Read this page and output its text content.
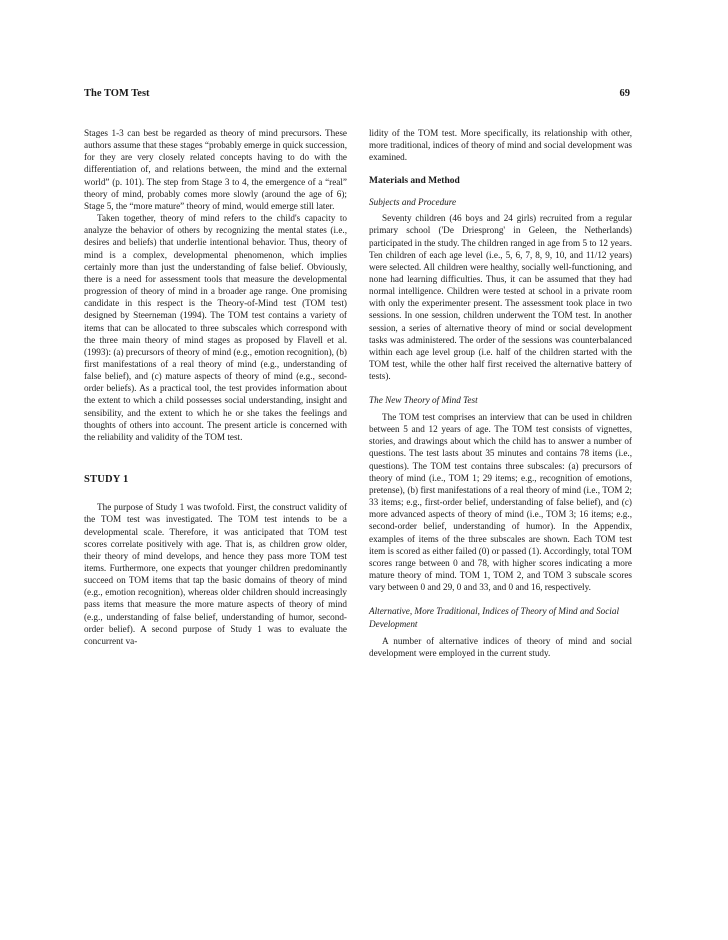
The TOM Test	69

Stages 1-3 can best be regarded as theory of mind precursors. These authors assume that these stages “probably emerge in quick succession, for they are very closely related concepts having to do with the differentiation of, and relations between, the mind and the external world” (p. 101). The step from Stage 3 to 4, the emergence of a “real” theory of mind, probably comes more slowly (around the age of 6); Stage 5, the “more mature” theory of mind, would emerge still later.

Taken together, theory of mind refers to the child's capacity to analyze the behavior of others by recognizing the mental states (i.e., desires and beliefs) that underlie intentional behavior. Thus, theory of mind is a complex, developmental phenomenon, which implies certainly more than just the understanding of false belief. Obviously, there is a need for assessment tools that measure the developmental progression of theory of mind in a broader age range. One promising candidate in this respect is the Theory-of-Mind test (TOM test) designed by Steerneman (1994). The TOM test contains a variety of items that can be allocated to three subscales which correspond with the three main theory of mind stages as proposed by Flavell et al. (1993): (a) precursors of theory of mind (e.g., emotion recognition), (b) first manifestations of a real theory of mind (e.g., understanding of false belief), and (c) mature aspects of theory of mind (e.g., second-order beliefs). As a practical tool, the test provides information about the extent to which a child possesses social understanding, insight and sensibility, and the extent to which he or she takes the feelings and thoughts of others into account. The present article is concerned with the reliability and validity of the TOM test.

STUDY 1

The purpose of Study 1 was twofold. First, the construct validity of the TOM test was investigated. The TOM test intends to be a developmental scale. Therefore, it was anticipated that TOM test scores correlate positively with age. That is, as children grow older, their theory of mind develops, and hence they pass more TOM test items. Furthermore, one expects that younger children predominantly succeed on TOM items that tap the basic domains of theory of mind (e.g., emotion recognition), whereas older children should increasingly pass items that measure the more mature aspects of theory of mind (e.g., understanding of false belief, understanding of humor, second-order belief). A second purpose of Study 1 was to evaluate the concurrent va-

lidity of the TOM test. More specifically, its relationship with other, more traditional, indices of theory of mind and social development was examined.

Materials and Method
Subjects and Procedure

Seventy children (46 boys and 24 girls) recruited from a regular primary school ('De Driesprong' in Geleen, the Netherlands) participated in the study. The children ranged in age from 5 to 12 years. Ten children of each age level (i.e., 5, 6, 7, 8, 9, 10, and 11/12 years) were selected. All children were healthy, socially well-functioning, and none had learning difficulties. Thus, it can be assumed that they had normal intelligence. Children were tested at school in a private room with only the experimenter present. The assessment took place in two sessions. In one session, children underwent the TOM test. In another session, a series of alternative theory of mind or social development tasks was administered. The order of the sessions was counterbalanced within each age level group (i.e. half of the children started with the TOM test, while the other half first received the alternative battery of tests).

The New Theory of Mind Test

The TOM test comprises an interview that can be used in children between 5 and 12 years of age. The TOM test consists of vignettes, stories, and drawings about which the child has to answer a number of questions. The test lasts about 35 minutes and contains 78 items (i.e., questions). The TOM test contains three subscales: (a) precursors of theory of mind (i.e., TOM 1; 29 items; e.g., recognition of emotions, pretense), (b) first manifestations of a real theory of mind (i.e., TOM 2; 33 items; e.g., first-order belief, understanding of false belief), and (c) more advanced aspects of theory of mind (i.e., TOM 3; 16 items; e.g., second-order belief, understanding of humor). In the Appendix, examples of items of the three subscales are shown. Each TOM test item is scored as either failed (0) or passed (1). Accordingly, total TOM scores range between 0 and 78, with higher scores indicating a more mature theory of mind. TOM 1, TOM 2, and TOM 3 subscale scores vary between 0 and 29, 0 and 33, and 0 and 16, respectively.

Alternative, More Traditional, Indices of Theory of Mind and Social Development

A number of alternative indices of theory of mind and social development were employed in the current study.
